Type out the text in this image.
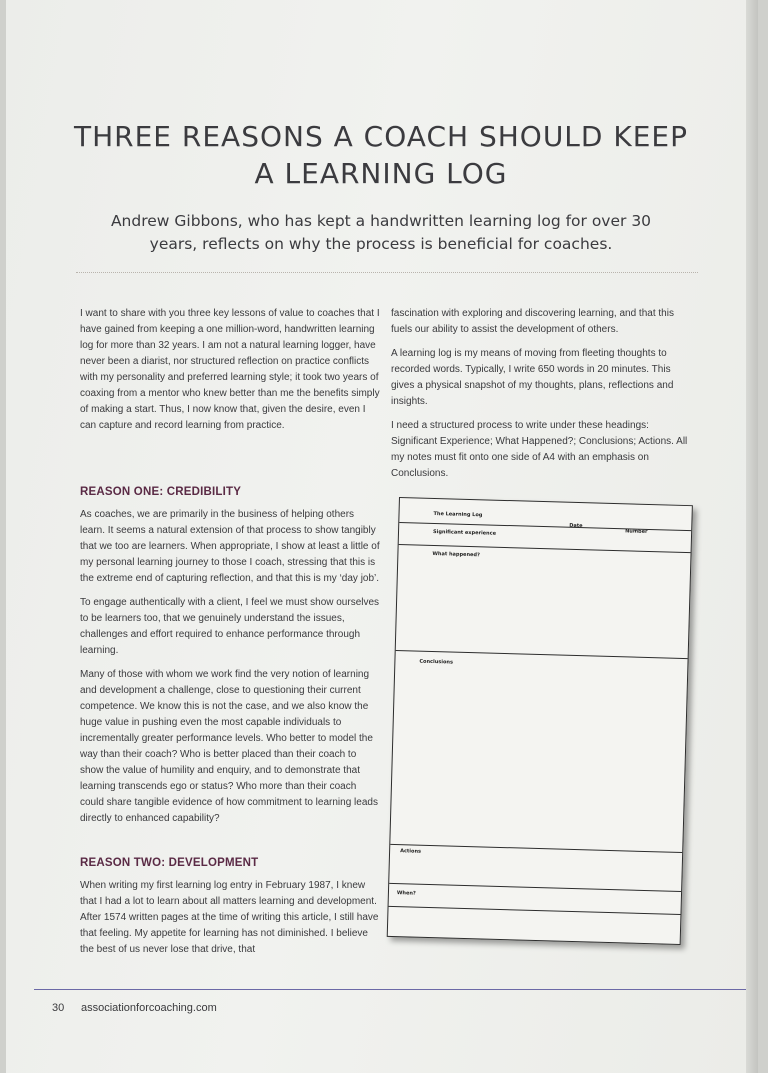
THREE REASONS A COACH SHOULD KEEP A LEARNING LOG

Andrew Gibbons, who has kept a handwritten learning log for over 30 years, reflects on why the process is beneficial for coaches.

I want to share with you three key lessons of value to coaches that I have gained from keeping a one million-word, handwritten learning log for more than 32 years. I am not a natural learning logger, have never been a diarist, nor structured reflection on practice conflicts with my personality and preferred learning style; it took two years of coaxing from a mentor who knew better than me the benefits simply of making a start. Thus, I now know that, given the desire, even I can capture and record learning from practice.

REASON ONE: CREDIBILITY

As coaches, we are primarily in the business of helping others learn. It seems a natural extension of that process to show tangibly that we too are learners. When appropriate, I show at least a little of my personal learning journey to those I coach, stressing that this is the extreme end of capturing reflection, and that this is my ‘day job’.

To engage authentically with a client, I feel we must show ourselves to be learners too, that we genuinely understand the issues, challenges and effort required to enhance performance through learning.

Many of those with whom we work find the very notion of learning and development a challenge, close to questioning their current competence. We know this is not the case, and we also know the huge value in pushing even the most capable individuals to incrementally greater performance levels. Who better to model the way than their coach? Who is better placed than their coach to show the value of humility and enquiry, and to demonstrate that learning transcends ego or status? Who more than their coach could share tangible evidence of how commitment to learning leads directly to enhanced capability?

REASON TWO: DEVELOPMENT

When writing my first learning log entry in February 1987, I knew that I had a lot to learn about all matters learning and development. After 1574 written pages at the time of writing this article, I still have that feeling. My appetite for learning has not diminished. I believe the best of us never lose that drive, that

fascination with exploring and discovering learning, and that this fuels our ability to assist the development of others.

A learning log is my means of moving from fleeting thoughts to recorded words. Typically, I write 650 words in 20 minutes. This gives a physical snapshot of my thoughts, plans, reflections and insights.

I need a structured process to write under these headings: Significant Experience; What Happened?; Conclusions; Actions. All my notes must fit onto one side of A4 with an emphasis on Conclusions.

The Learning Log
Date
Number
Significant experience
What happened?
Conclusions
Actions
When?
30 associationforcoaching.com
